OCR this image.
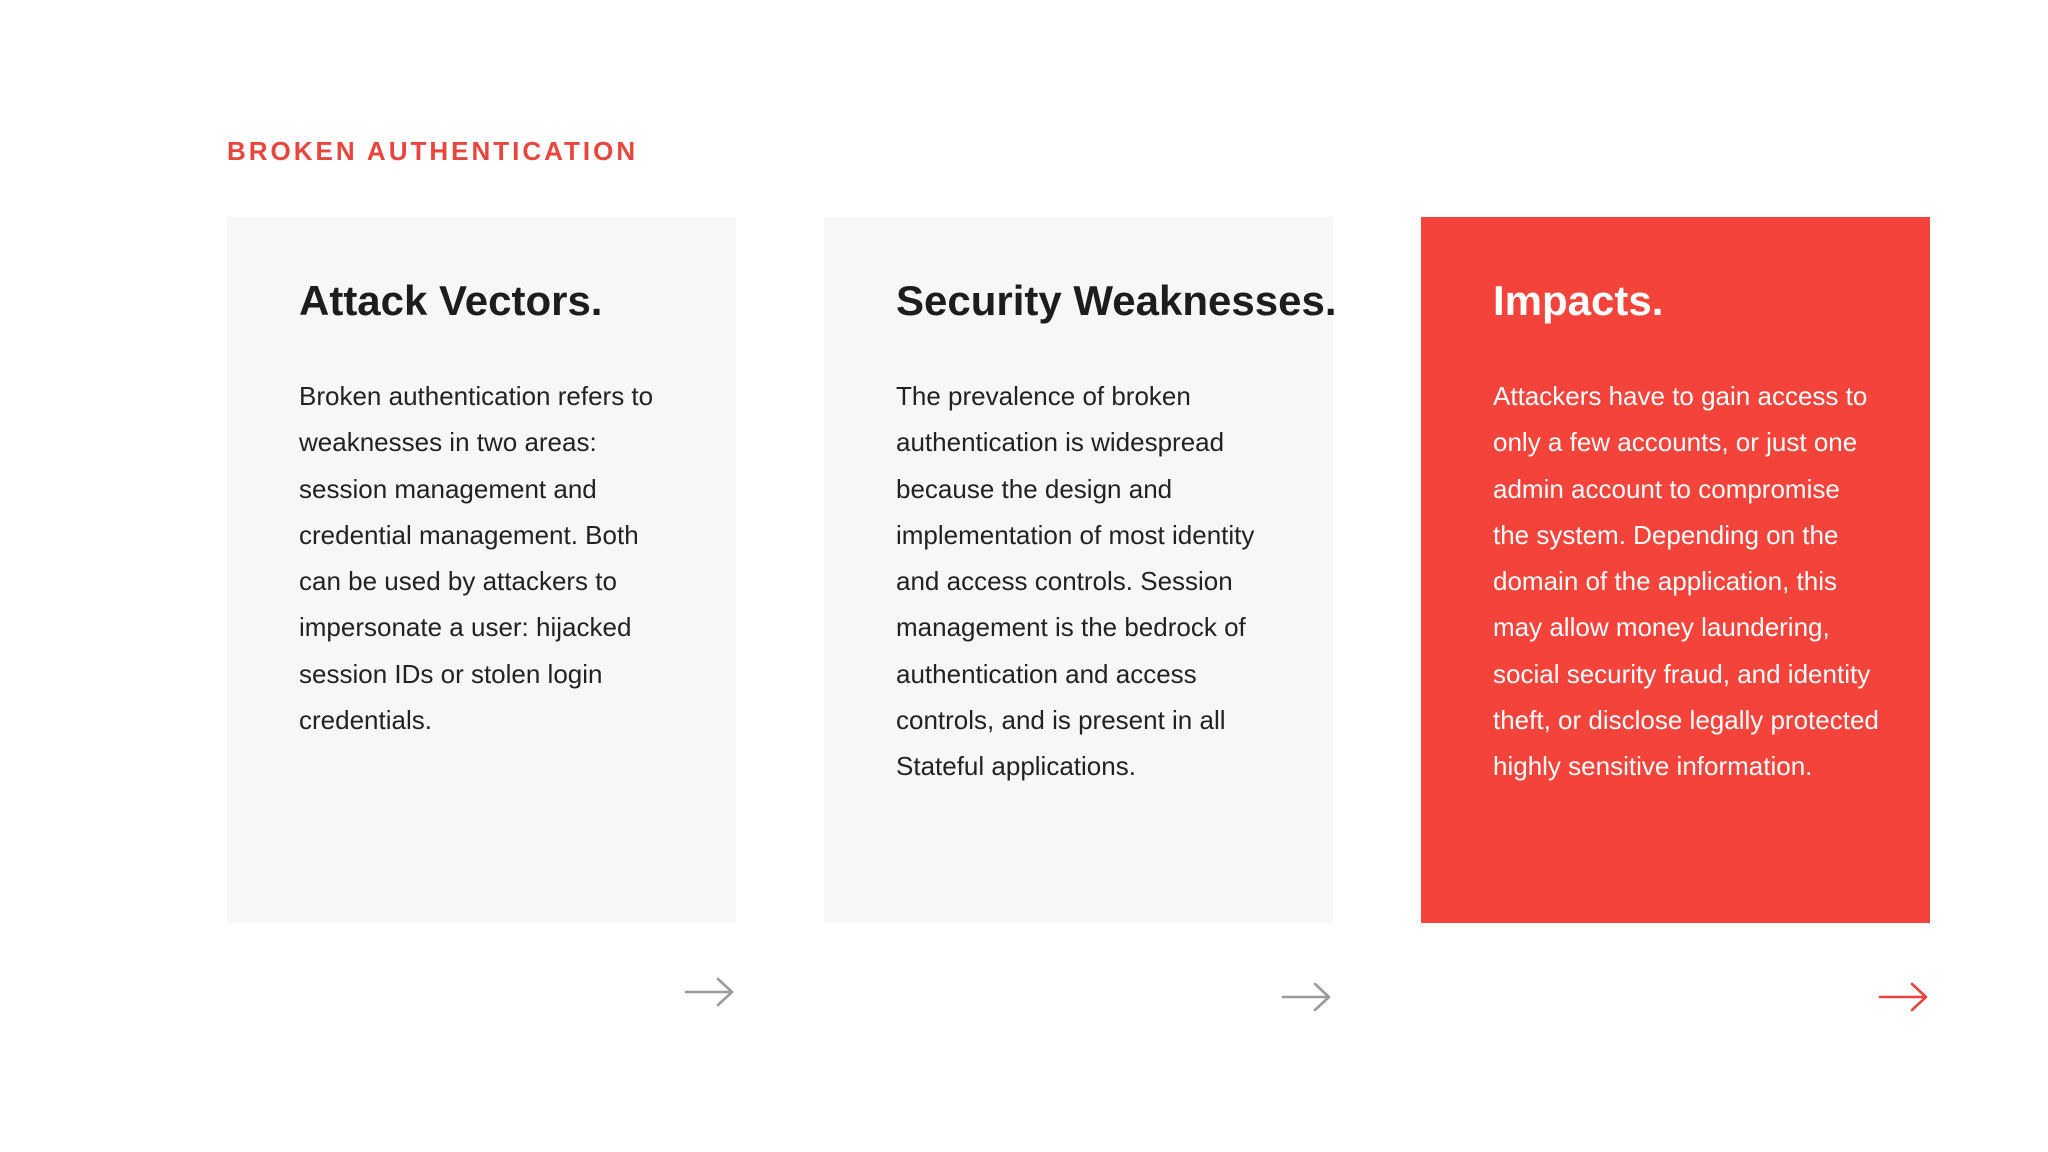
BROKEN AUTHENTICATION
Attack Vectors.
Broken authentication refers to weaknesses in two areas: session management and credential management. Both can be used by attackers to impersonate a user: hijacked session IDs or stolen login credentials.
Security Weaknesses.
The prevalence of broken authentication is widespread because the design and implementation of most identity and access controls. Session management is the bedrock of authentication and access controls, and is present in all Stateful applications.
Impacts.
Attackers have to gain access to only a few accounts, or just one admin account to compromise the system. Depending on the domain of the application, this may allow money laundering, social security fraud, and identity theft, or disclose legally protected highly sensitive information.
